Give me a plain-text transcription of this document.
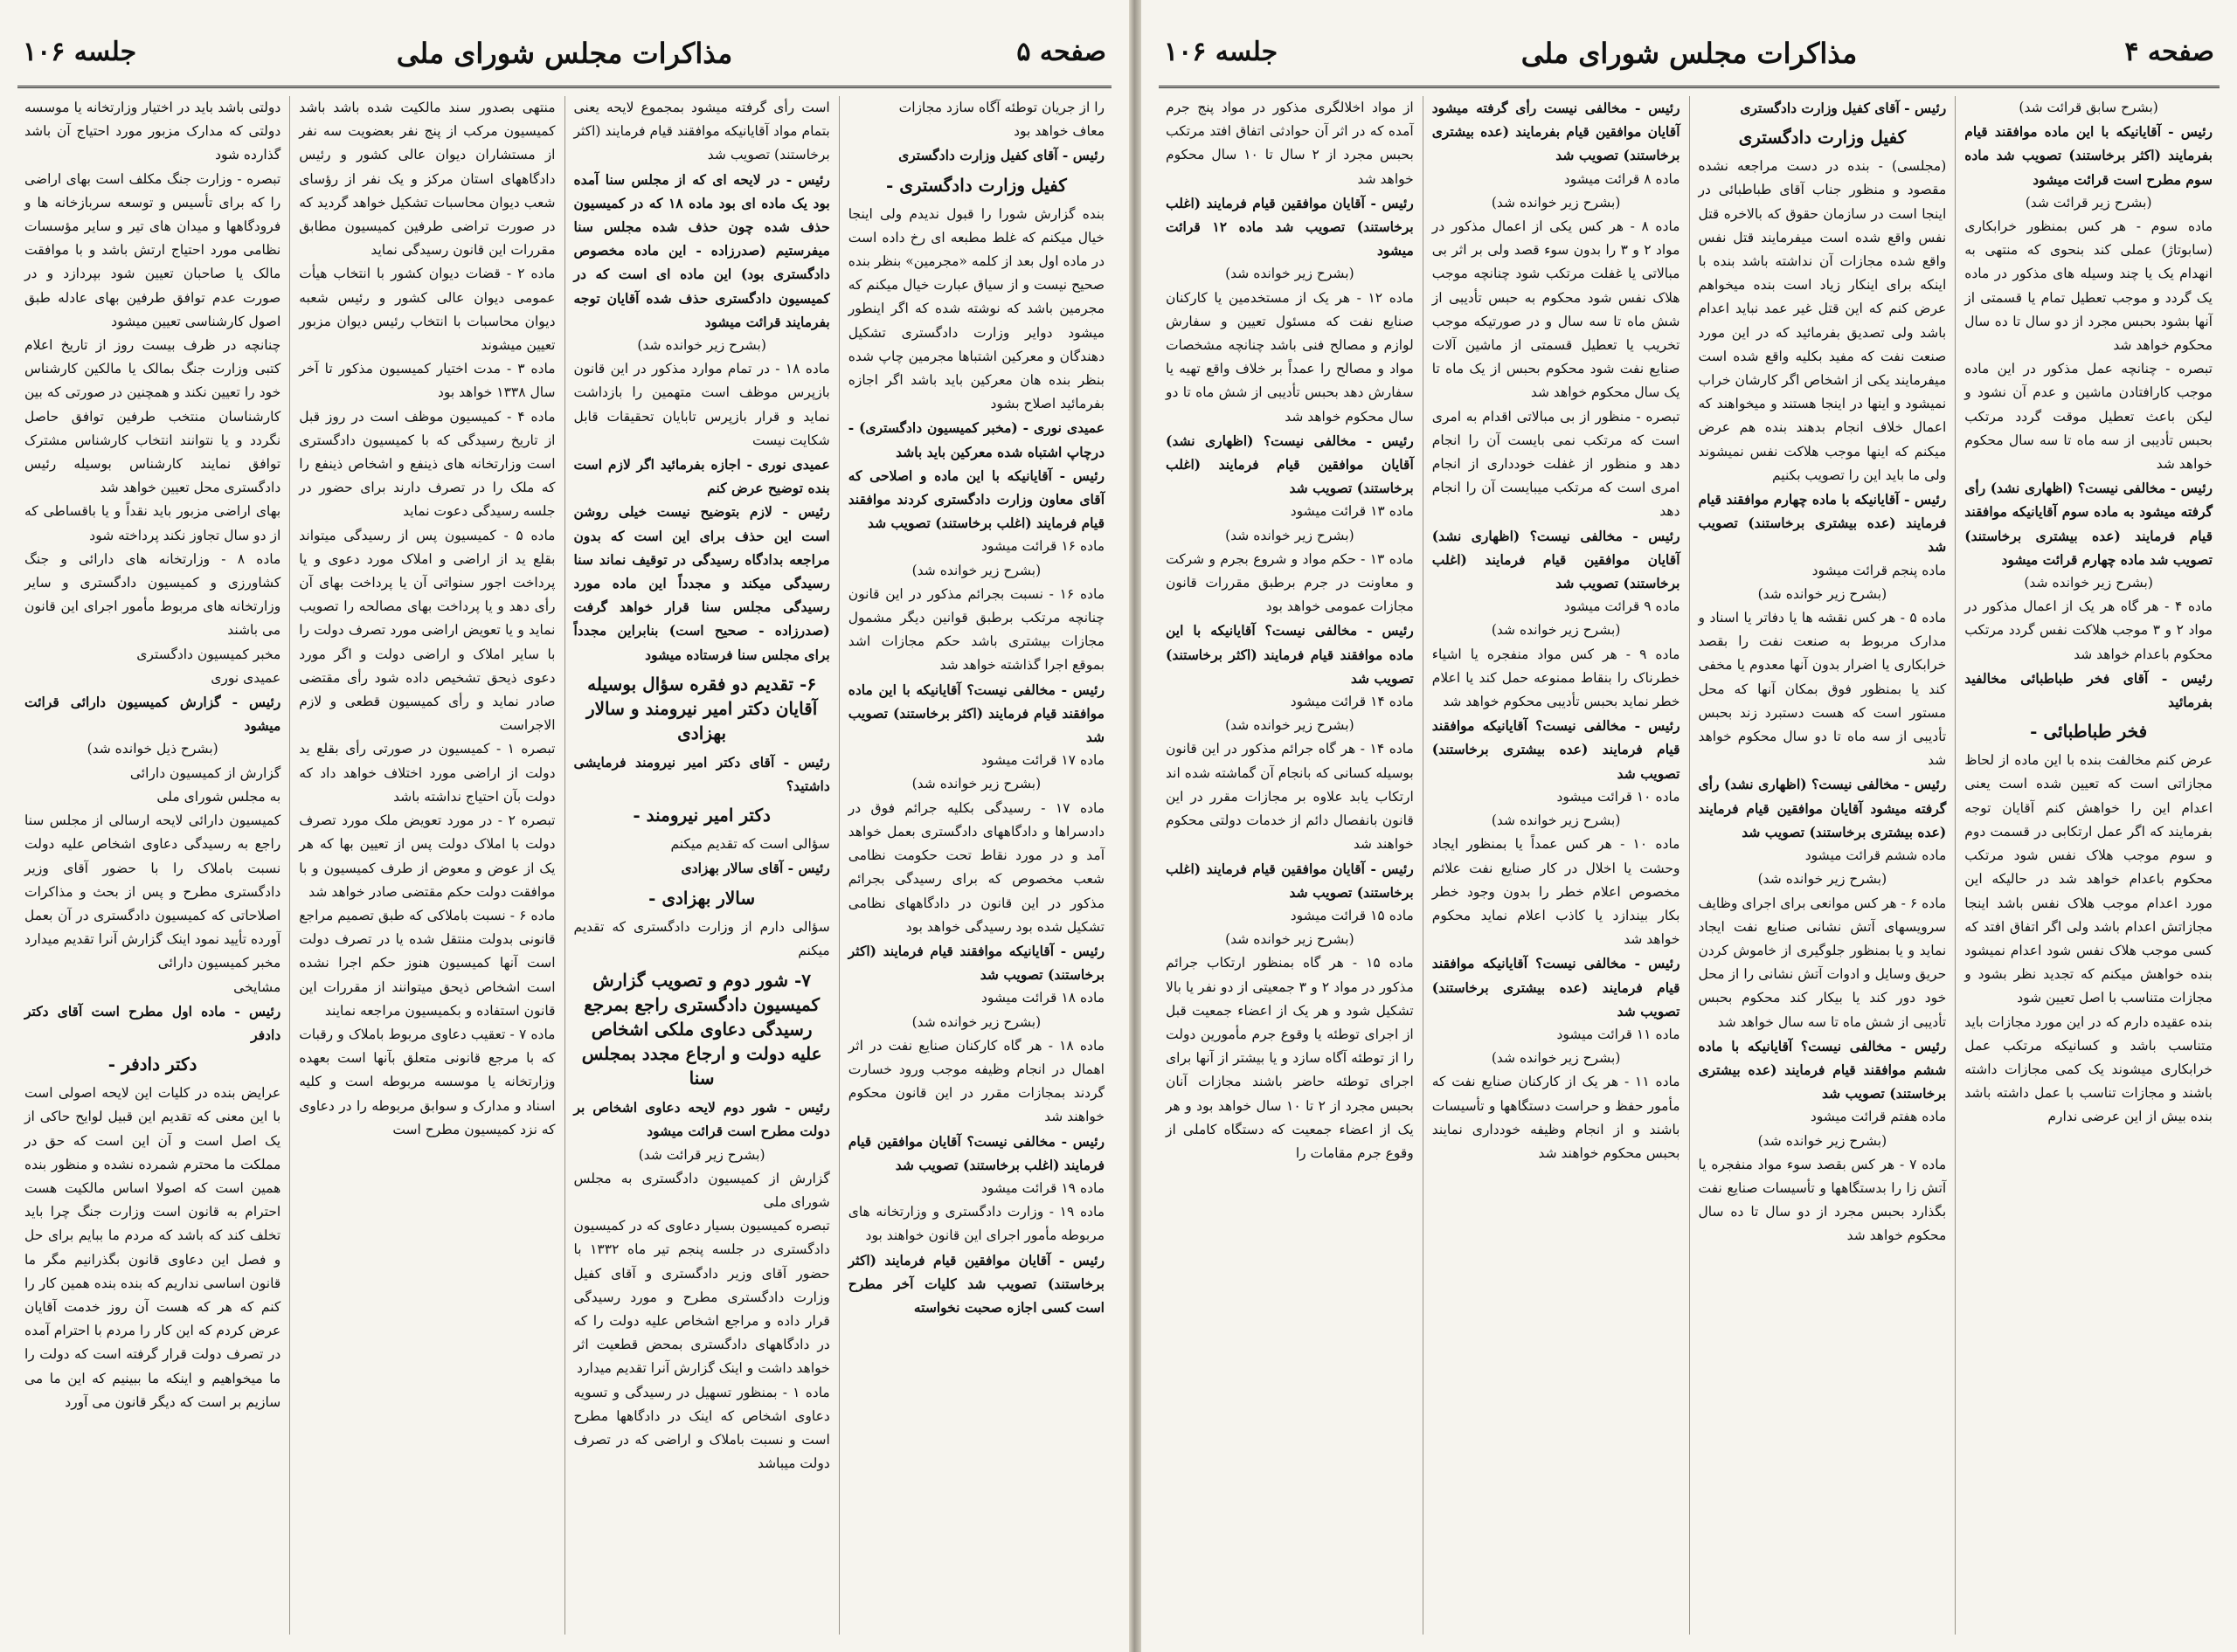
صفحه ۵
مذاکرات مجلس شورای ملی
جلسه ۱۰۶

را از جریان توطئه آگاه سازد مجازات

معاف خواهد بود

رئیس - آقای کفیل وزارت دادگستری

کفیل وزارت دادگستری -

بنده گزارش شورا را قبول ندیدم ولی اینجا خیال میکنم که غلط مطبعه ای رخ داده است در ماده اول بعد از کلمه «مجرمین» بنظر بنده صحیح نیست و از سیاق عبارت خیال میکنم که مجرمین باشد که نوشته شده که اگر اینطور میشود دوایر وزارت دادگستری تشکیل دهندگان و معرکین اشتباها مجرمین چاپ شده بنظر بنده هان معرکین باید باشد اگر اجازه بفرمائید اصلاح بشود

عمیدی نوری - (مخبر کمیسیون دادگستری) - درچاپ اشتباه شده معرکین باید باشد

رئیس - آقایانیکه با این ماده و اصلاحی که آقای معاون وزارت دادگستری کردند موافقند قیام فرمایند (اغلب برخاستند) تصویب شد

ماده ۱۶ قرائت میشود

(بشرح زیر خوانده شد)

ماده ۱۶ - نسبت بجرائم مذکور در این قانون چنانچه مرتکب برطبق قوانین دیگر مشمول مجازات بیشتری باشد حکم مجازات اشد بموقع اجرا گذاشته خواهد شد

رئیس - مخالفی نیست؟ آقایانیکه با این ماده موافقند قیام فرمایند (اکثر برخاستند) تصویب شد

ماده ۱۷ قرائت میشود

(بشرح زیر خوانده شد)

ماده ۱۷ - رسیدگی بکلیه جرائم فوق در دادسراها و دادگاههای دادگستری بعمل خواهد آمد و در مورد نقاط تحت حکومت نظامی شعب مخصوص که برای رسیدگی بجرائم مذکور در این قانون در دادگاههای نظامی تشکیل شده بود رسیدگی خواهد بود

رئیس - آقایانیکه موافقند قیام فرمایند (اکثر برخاستند) تصویب شد

ماده ۱۸ قرائت میشود

(بشرح زیر خوانده شد)

ماده ۱۸ - هر گاه کارکنان صنایع نفت در اثر اهمال در انجام وظیفه موجب ورود خسارت گردند بمجازات مقرر در این قانون محکوم خواهند شد

رئیس - مخالفی نیست؟ آقایان موافقین قیام فرمایند (اغلب برخاستند) تصویب شد

ماده ۱۹ قرائت میشود

ماده ۱۹ - وزارت دادگستری و وزارتخانه های مربوطه مأمور اجرای این قانون خواهند بود

رئیس - آقایان موافقین قیام فرمایند (اکثر برخاستند) تصویب شد کلیات آخر مطرح است کسی اجازه صحبت نخواسته

است رأی گرفته میشود بمجموع لایحه یعنی بتمام مواد آقایانیکه موافقند قیام فرمایند (اکثر برخاستند) تصویب شد

رئیس - در لایحه ای که از مجلس سنا آمده بود یک ماده ای بود ماده ۱۸ که در کمیسیون حذف شده چون حذف شده مجلس سنا میفرستیم (صدرزاده - این ماده مخصوص دادگستری بود) این ماده ای است که در کمیسیون دادگستری حذف شده آقایان توجه بفرمایند قرائت میشود

(بشرح زیر خوانده شد)

ماده ۱۸ - در تمام موارد مذکور در این قانون بازپرس موظف است متهمین را بازداشت نماید و قرار بازپرس تابایان تحقیقات قابل شکایت نیست

عمیدی نوری - اجازه بفرمائید اگر لازم است بنده توضیح عرض کنم

رئیس - لازم بتوضیح نیست خیلی روشن است این حذف برای این است که بدون مراجعه بدادگاه رسیدگی در توقیف نماند سنا رسیدگی میکند و مجدداً این ماده مورد رسیدگی مجلس سنا قرار خواهد گرفت (صدرزاده - صحیح است) بنابراین مجدداً برای مجلس سنا فرستاده میشود

۶- تقدیم دو فقره سؤال بوسیله آقایان دکتر امیر نیرومند و سالار بهزادی

رئیس - آقای دکتر امیر نیرومند فرمایشی داشتید؟

دکتر امیر نیرومند -

سؤالی است که تقدیم میکنم

رئیس - آقای سالار بهزادی

سالار بهزادی -

سؤالی دارم از وزارت دادگستری که تقدیم میکنم

۷- شور دوم و تصویب گزارش کمیسیون دادگستری راجع بمرجع رسیدگی دعاوی ملکی اشخاص علیه دولت و ارجاع مجدد بمجلس سنا

رئیس - شور دوم لایحه دعاوی اشخاص بر دولت مطرح است قرائت میشود

(بشرح زیر قرائت شد)

گزارش از کمیسیون دادگستری به مجلس شورای ملی

تبصره کمیسیون بسیار دعاوی که در کمیسیون دادگستری در جلسه پنجم تیر ماه ۱۳۳۲ با حضور آقای وزیر دادگستری و آقای کفیل وزارت دادگستری مطرح و مورد رسیدگی قرار داده و مراجع اشخاص علیه دولت را که در دادگاههای دادگستری بمحض قطعیت اثر خواهد داشت و اینک گزارش آنرا تقدیم میدارد

ماده ۱ - بمنظور تسهیل در رسیدگی و تسویه دعاوی اشخاص که اینک در دادگاهها مطرح است و نسبت باملاک و اراضی که در تصرف دولت میباشد

منتهی بصدور سند مالکیت شده باشد باشد کمیسیون مرکب از پنج نفر بعضویت سه نفر از مستشاران دیوان عالی کشور و رئیس دادگاههای استان مرکز و یک نفر از رؤسای شعب دیوان محاسبات تشکیل خواهد گردید که در صورت تراضی طرفین کمیسیون مطابق مقررات این قانون رسیدگی نماید

ماده ۲ - قضات دیوان کشور با انتخاب هیأت عمومی دیوان عالی کشور و رئیس شعبه دیوان محاسبات با انتخاب رئیس دیوان مزبور تعیین میشوند

ماده ۳ - مدت اختیار کمیسیون مذکور تا آخر سال ۱۳۳۸ خواهد بود

ماده ۴ - کمیسیون موظف است در روز قبل از تاریخ رسیدگی که با کمیسیون دادگستری است وزارتخانه های ذینفع و اشخاص ذینفع را که ملک را در تصرف دارند برای حضور در جلسه رسیدگی دعوت نماید

ماده ۵ - کمیسیون پس از رسیدگی میتواند بقلع ید از اراضی و املاک مورد دعوی و یا پرداخت اجور سنواتی آن یا پرداخت بهای آن رأی دهد و یا پرداخت بهای مصالحه را تصویب نماید و یا تعویض اراضی مورد تصرف دولت را با سایر املاک و اراضی دولت و اگر مورد دعوی ذیحق تشخیص داده شود رأی مقتضی صادر نماید و رأی کمیسیون قطعی و لازم الاجراست

تبصره ۱ - کمیسیون در صورتی رأی بقلع ید دولت از اراضی مورد اختلاف خواهد داد که دولت بآن احتیاج نداشته باشد

تبصره ۲ - در مورد تعویض ملک مورد تصرف دولت با املاک دولت پس از تعیین بها که هر یک از عوض و معوض از طرف کمیسیون و با موافقت دولت حکم مقتضی صادر خواهد شد

ماده ۶ - نسبت باملاکی که طبق تصمیم مراجع قانونی بدولت منتقل شده یا در تصرف دولت است آنها کمیسیون هنوز حکم اجرا نشده است اشخاص ذیحق میتوانند از مقررات این قانون استفاده و بکمیسیون مراجعه نمایند

ماده ۷ - تعقیب دعاوی مربوط باملاک و رقبات که با مرجع قانونی متعلق بآنها است بعهده وزارتخانه یا موسسه مربوطه است و کلیه اسناد و مدارک و سوابق مربوطه را در دعاوی که نزد کمیسیون مطرح است

دولتی باشد باید در اختیار وزارتخانه یا موسسه دولتی که مدارک مزبور مورد احتیاج آن باشد گذارده شود

تبصره - وزارت جنگ مکلف است بهای اراضی را که برای تأسیس و توسعه سربازخانه ها و فرودگاهها و میدان های تیر و سایر مؤسسات نظامی مورد احتیاج ارتش باشد و با موافقت مالک یا صاحبان تعیین شود بپردازد و در صورت عدم توافق طرفین بهای عادله طبق اصول کارشناسی تعیین میشود

چنانچه در ظرف بیست روز از تاریخ اعلام کتبی وزارت جنگ بمالک یا مالکین کارشناس خود را تعیین نکند و همچنین در صورتی که بین کارشناسان منتخب طرفین توافق حاصل نگردد و یا نتوانند انتخاب کارشناس مشترک توافق نمایند کارشناس بوسیله رئیس دادگستری محل تعیین خواهد شد

بهای اراضی مزبور باید نقداً و یا باقساطی که از دو سال تجاوز نکند پرداخته شود

ماده ۸ - وزارتخانه های دارائی و جنگ کشاورزی و کمیسیون دادگستری و سایر وزارتخانه های مربوط مأمور اجرای این قانون می باشند

مخبر کمیسیون دادگستری

عمیدی نوری

رئیس - گزارش کمیسیون دارائی قرائت میشود

(بشرح ذیل خوانده شد)

گزارش از کمیسیون دارائی

به مجلس شورای ملی

کمیسیون دارائی لایحه ارسالی از مجلس سنا راجع به رسیدگی دعاوی اشخاص علیه دولت نسبت باملاک را با حضور آقای وزیر دادگستری مطرح و پس از بحث و مذاکرات اصلاحاتی که کمیسیون دادگستری در آن بعمل آورده تأیید نمود اینک گزارش آنرا تقدیم میدارد

مخبر کمیسیون دارائی

مشایخی

رئیس - ماده اول مطرح است آقای دکتر دادفر

دکتر دادفر -

عرایض بنده در کلیات این لایحه اصولی است با این معنی که تقدیم این قبیل لوایح حاکی از یک اصل است و آن این است که حق در مملکت ما محترم شمرده نشده و منظور بنده همین است که اصولا اساس مالکیت هست احترام به قانون است وزارت جنگ چرا باید تخلف کند که باشد که مردم ما ببایم برای حل و فصل این دعاوی قانون بگذرانیم مگر ما قانون اساسی نداریم که بنده بنده همین کار را کنم که هر که هست آن روز خدمت آقایان عرض کردم که این کار را مردم با احترام آمده در تصرف دولت قرار گرفته است که دولت را ما میخواهیم و اینکه ما ببینیم که این ما می سازیم بر است که دیگر قانون می آورد

صفحه ۴
مذاکرات مجلس شورای ملی
جلسه ۱۰۶

(بشرح سابق قرائت شد)

رئیس - آقایانیکه با این ماده موافقند قیام بفرمایند (اکثر برخاستند) تصویب شد ماده سوم مطرح است قرائت میشود

(بشرح زیر قرائت شد)

ماده سوم - هر کس بمنظور خرابکاری (سابوتاژ) عملی کند بنحوی که منتهی به انهدام یک یا چند وسیله های مذکور در ماده یک گردد و موجب تعطیل تمام یا قسمتی از آنها بشود بحبس مجرد از دو سال تا ده سال محکوم خواهد شد

تبصره - چنانچه عمل مذکور در این ماده موجب کارافتادن ماشین و عدم آن نشود و لیکن باعث تعطیل موقت گردد مرتکب بحبس تأدیبی از سه ماه تا سه سال محکوم خواهد شد

رئیس - مخالفی نیست؟ (اظهاری نشد) رأی گرفته میشود به ماده سوم آقایانیکه موافقند قیام فرمایند (عده بیشتری برخاستند) تصویب شد ماده چهارم قرائت میشود

(بشرح زیر خوانده شد)

ماده ۴ - هر گاه هر یک از اعمال مذکور در مواد ۲ و ۳ موجب هلاکت نفس گردد مرتکب محکوم باعدام خواهد شد

رئیس - آقای فخر طباطبائی مخالفید بفرمائید

فخر طباطبائی -

عرض کنم مخالفت بنده با این ماده از لحاظ مجازاتی است که تعیین شده است یعنی اعدام این را خواهش کنم آقایان توجه بفرمایند که اگر عمل ارتکابی در قسمت دوم و سوم موجب هلاک نفس شود مرتکب محکوم باعدام خواهد شد در حالیکه این مورد اعدام موجب هلاک نفس باشد اینجا مجازاتش اعدام باشد ولی اگر اتفاق افتد که کسی موجب هلاک نفس شود اعدام نمیشود بنده خواهش میکنم که تجدید نظر بشود و مجازات متناسب با اصل تعیین شود

بنده عقیده دارم که در این مورد مجازات باید متناسب باشد و کسانیکه مرتکب عمل خرابکاری میشوند یک کمی مجازات داشته باشند و مجازات تناسب با عمل داشته باشد بنده بیش از این عرضی ندارم

رئیس - آقای کفیل وزارت دادگستری

کفیل وزارت دادگستری

(مجلسی) - بنده در دست مراجعه نشده مقصود و منظور جناب آقای طباطبائی در اینجا است در سازمان حقوق که بالاخره قتل نفس واقع شده است میفرمایند قتل نفس واقع شده مجازات آن نداشته باشد بنده با اینکه برای اینکار زیاد است بنده میخواهم عرض کنم که این قتل غیر عمد نباید اعدام باشد ولی تصدیق بفرمائید که در این مورد صنعت نفت که مفید بکلیه واقع شده است میفرمایند یکی از اشخاص اگر کارشان خراب نمیشود و اینها در اینجا هستند و میخواهند که اعمال خلاف انجام بدهند بنده هم عرض میکنم که اینها موجب هلاکت نفس نمیشوند ولی ما باید این را تصویب بکنیم

رئیس - آقایانیکه با ماده چهارم موافقند قیام فرمایند (عده بیشتری برخاستند) تصویب شد

ماده پنجم قرائت میشود

(بشرح زیر خوانده شد)

ماده ۵ - هر کس نقشه ها یا دفاتر یا اسناد و مدارک مربوط به صنعت نفت را بقصد خرابکاری یا اضرار بدون آنها معدوم یا مخفی کند یا بمنظور فوق بمکان آنها که محل مستور است که هست دستبرد زند بحبس تأدیبی از سه ماه تا دو سال محکوم خواهد شد

رئیس - مخالفی نیست؟ (اظهاری نشد) رأی گرفته میشود آقایان موافقین قیام فرمایند (عده بیشتری برخاستند) تصویب شد

ماده ششم قرائت میشود

(بشرح زیر خوانده شد)

ماده ۶ - هر کس موانعی برای اجرای وظایف سرویسهای آتش نشانی صنایع نفت ایجاد نماید و یا بمنظور جلوگیری از خاموش کردن حریق وسایل و ادوات آتش نشانی را از محل خود دور کند یا بیکار کند محکوم بحبس تأدیبی از شش ماه تا سه سال خواهد شد

رئیس - مخالفی نیست؟ آقایانیکه با ماده ششم موافقند قیام فرمایند (عده بیشتری برخاستند) تصویب شد

ماده هفتم قرائت میشود

(بشرح زیر خوانده شد)

ماده ۷ - هر کس بقصد سوء مواد منفجره یا آتش زا را بدستگاهها و تأسیسات صنایع نفت بگذارد بحبس مجرد از دو سال تا ده سال محکوم خواهد شد

رئیس - مخالفی نیست رأی گرفته میشود آقایان موافقین قیام بفرمایند (عده بیشتری برخاستند) تصویب شد

ماده ۸ قرائت میشود

(بشرح زیر خوانده شد)

ماده ۸ - هر کس یکی از اعمال مذکور در مواد ۲ و ۳ را بدون سوء قصد ولی بر اثر بی مبالاتی یا غفلت مرتکب شود چنانچه موجب هلاک نفس شود محکوم به حبس تأدیبی از شش ماه تا سه سال و در صورتیکه موجب تخریب یا تعطیل قسمتی از ماشین آلات صنایع نفت شود محکوم بحبس از یک ماه تا یک سال محکوم خواهد شد

تبصره - منظور از بی مبالاتی اقدام به امری است که مرتکب نمی بایست آن را انجام دهد و منظور از غفلت خودداری از انجام امری است که مرتکب میبایست آن را انجام دهد

رئیس - مخالفی نیست؟ (اظهاری نشد) آقایان موافقین قیام فرمایند (اغلب برخاستند) تصویب شد

ماده ۹ قرائت میشود

(بشرح زیر خوانده شد)

ماده ۹ - هر کس مواد منفجره یا اشیاء خطرناک را بنقاط ممنوعه حمل کند یا اعلام خطر نماید بحبس تأدیبی محکوم خواهد شد

رئیس - مخالفی نیست؟ آقایانیکه موافقند قیام فرمایند (عده بیشتری برخاستند) تصویب شد

ماده ۱۰ قرائت میشود

(بشرح زیر خوانده شد)

ماده ۱۰ - هر کس عمداً یا بمنظور ایجاد وحشت یا اخلال در کار صنایع نفت علائم مخصوص اعلام خطر را بدون وجود خطر بکار بیندازد یا کاذب اعلام نماید محکوم خواهد شد

رئیس - مخالفی نیست؟ آقایانیکه موافقند قیام فرمایند (عده بیشتری برخاستند) تصویب شد

ماده ۱۱ قرائت میشود

(بشرح زیر خوانده شد)

ماده ۱۱ - هر یک از کارکنان صنایع نفت که مأمور حفظ و حراست دستگاهها و تأسیسات باشند و از انجام وظیفه خودداری نمایند بحبس محکوم خواهند شد

از مواد اخلالگری مذکور در مواد پنج جرم آمده که در اثر آن حوادثی اتفاق افتد مرتکب بحبس مجرد از ۲ سال تا ۱۰ سال محکوم خواهد شد

رئیس - آقایان موافقین قیام فرمایند (اغلب برخاستند) تصویب شد ماده ۱۲ قرائت میشود

(بشرح زیر خوانده شد)

ماده ۱۲ - هر یک از مستخدمین یا کارکنان صنایع نفت که مسئول تعیین و سفارش لوازم و مصالح فنی باشد چنانچه مشخصات مواد و مصالح را عمداً بر خلاف واقع تهیه یا سفارش دهد بحبس تأدیبی از شش ماه تا دو سال محکوم خواهد شد

رئیس - مخالفی نیست؟ (اظهاری نشد) آقایان موافقین قیام فرمایند (اغلب برخاستند) تصویب شد

ماده ۱۳ قرائت میشود

(بشرح زیر خوانده شد)

ماده ۱۳ - حکم مواد و شروع بجرم و شرکت و معاونت در جرم برطبق مقررات قانون مجازات عمومی خواهد بود

رئیس - مخالفی نیست؟ آقایانیکه با این ماده موافقند قیام فرمایند (اکثر برخاستند) تصویب شد

ماده ۱۴ قرائت میشود

(بشرح زیر خوانده شد)

ماده ۱۴ - هر گاه جرائم مذکور در این قانون بوسیله کسانی که بانجام آن گماشته شده اند ارتکاب یابد علاوه بر مجازات مقرر در این قانون بانفصال دائم از خدمات دولتی محکوم خواهند شد

رئیس - آقایان موافقین قیام فرمایند (اغلب برخاستند) تصویب شد

ماده ۱۵ قرائت میشود

(بشرح زیر خوانده شد)

ماده ۱۵ - هر گاه بمنظور ارتکاب جرائم مذکور در مواد ۲ و ۳ جمعیتی از دو نفر یا بالا تشکیل شود و هر یک از اعضاء جمعیت قبل از اجرای توطئه یا وقوع جرم مأمورین دولت را از توطئه آگاه سازد و یا بیشتر از آنها برای اجرای توطئه حاضر باشند مجازات آنان بحبس مجرد از ۲ تا ۱۰ سال خواهد بود و هر یک از اعضاء جمعیت که دستگاه کاملی از وقوع جرم مقامات را
